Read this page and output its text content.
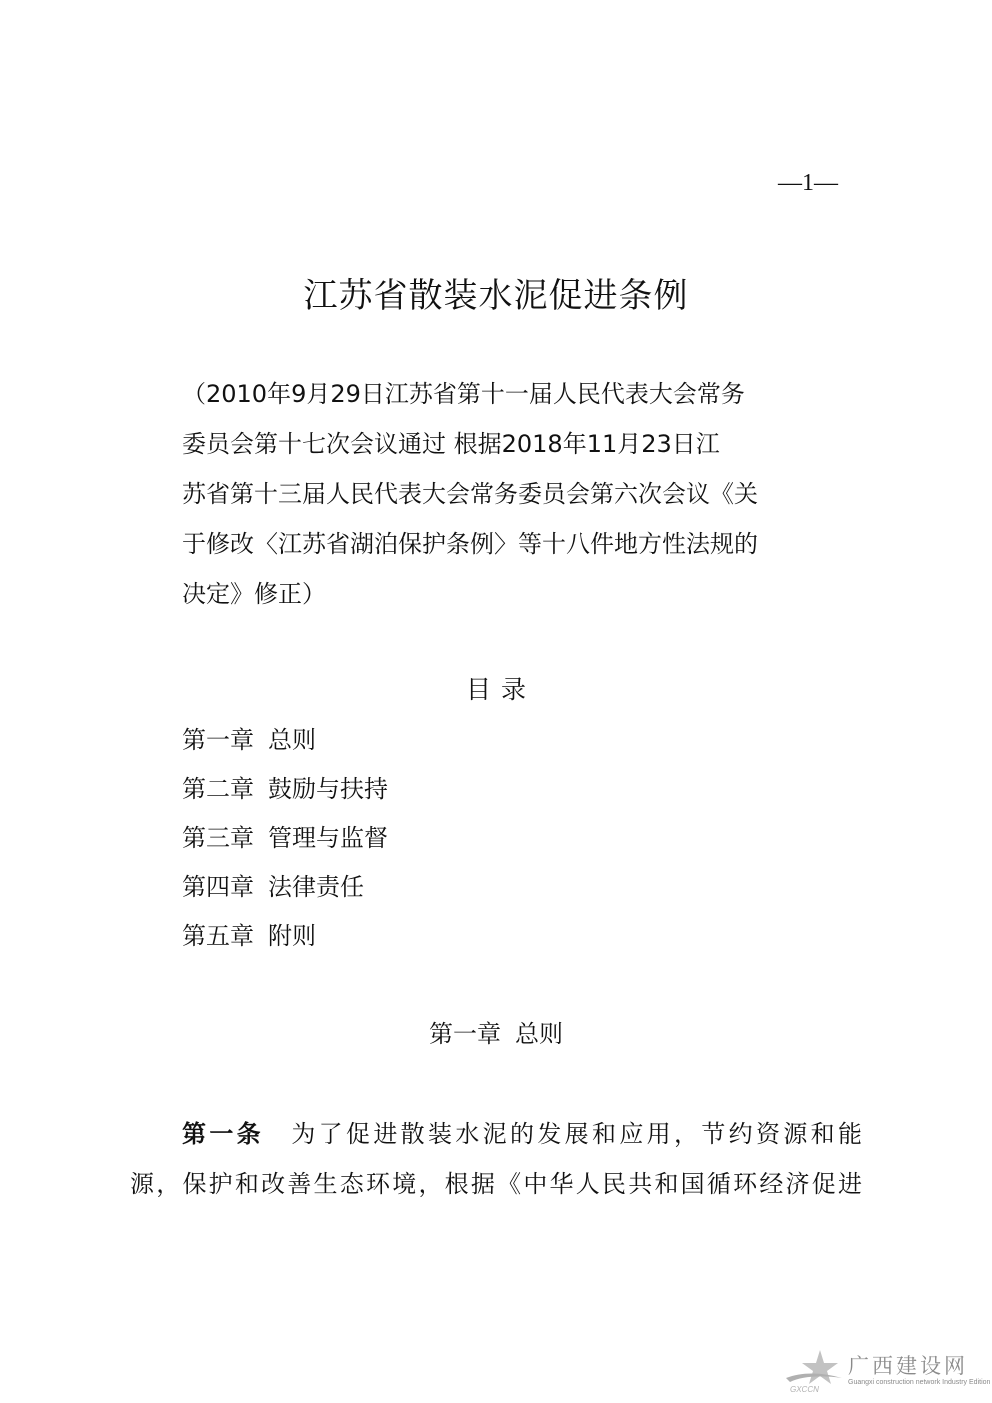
—1—
江苏省散装水泥促进条例
（2010年9月29日江苏省第十一届人民代表大会常务
委员会第十七次会议通过 根据2018年11月23日江
苏省第十三届人民代表大会常务委员会第六次会议《关
于修改〈江苏省湖泊保护条例〉等十八件地方性法规的
决定》修正）
目录
第一章 总则
第二章 鼓励与扶持
第三章 管理与监督
第四章 法律责任
第五章 附则
第一章 总则
第一条　 为了促进散装水泥的发展和应用，节约资源和能
源，保护和改善生态环境，根据《中华人民共和国循环经济促进
GXCCN
广西建设网
Guangxi construction network Industry Edition
